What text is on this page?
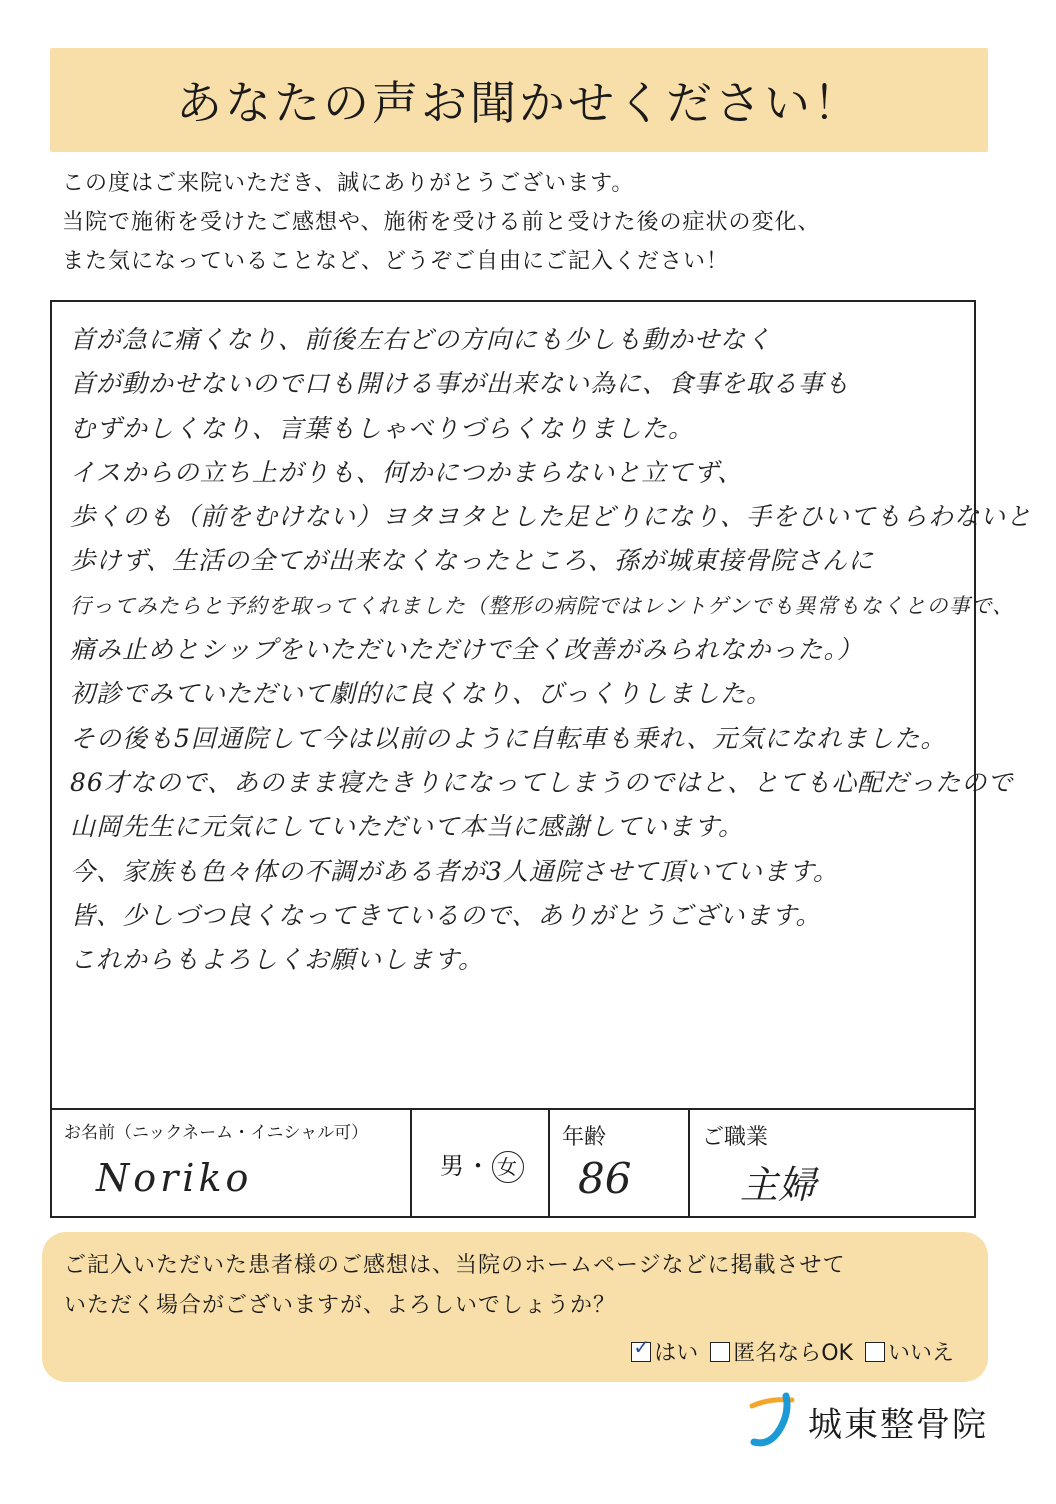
あなたの声お聞かせください！

この度はご来院いただき、誠にありがとうございます。

当院で施術を受けたご感想や、施術を受ける前と受けた後の症状の変化、

また気になっていることなど、どうぞご自由にご記入ください！

首が急に痛くなり、前後左右どの方向にも少しも動かせなく
首が動かせないので口も開ける事が出来ない為に、食事を取る事も
むずかしくなり、言葉もしゃべりづらくなりました。
イスからの立ち上がりも、何かにつかまらないと立てず、
歩くのも（前をむけない）ヨタヨタとした足どりになり、手をひいてもらわないと
歩けず、生活の全てが出来なくなったところ、孫が城東接骨院さんに
行ってみたらと予約を取ってくれました（整形の病院ではレントゲンでも異常もなくとの事で、
痛み止めとシップをいただいただけで全く改善がみられなかった。）
初診でみていただいて劇的に良くなり、びっくりしました。
その後も5回通院して今は以前のように自転車も乗れ、元気になれました。
86才なので、あのまま寝たきりになってしまうのではと、とても心配だったので
山岡先生に元気にしていただいて本当に感謝しています。
今、家族も色々体の不調がある者が3人通院させて頂いています。
皆、少しづつ良くなってきているので、ありがとうございます。
これからもよろしくお願いします。
お名前（ニックネーム・イニシャル可）
Noriko	男・ 女
年齢
86
ご職業
主婦

ご記入いただいた患者様のご感想は、当院のホームページなどに掲載させて
いただく場合がございますが、よろしいでしょうか？

✓ はい 匿名ならOK いいえ
城東整骨院
